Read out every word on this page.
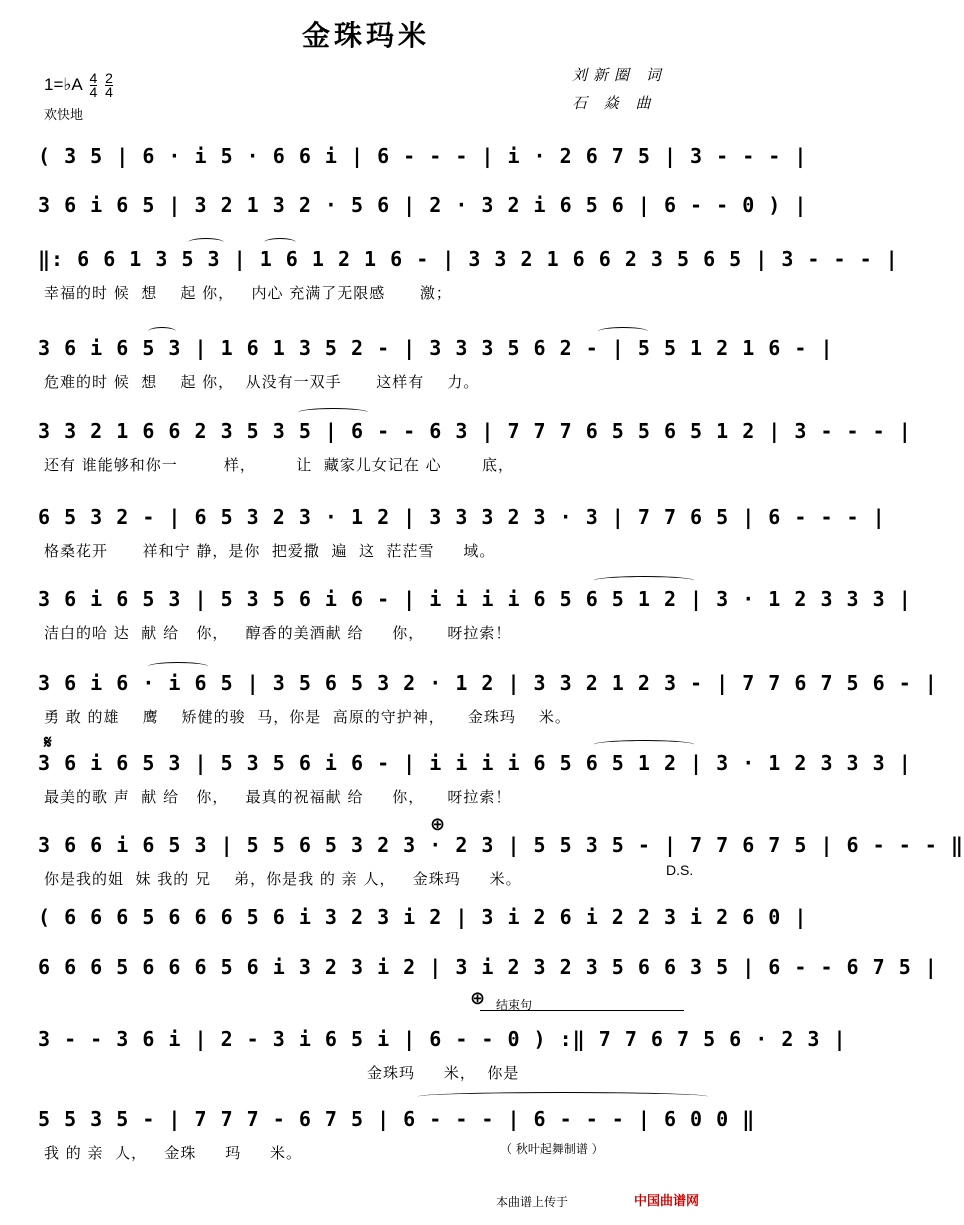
金珠玛米
1=♭A $\frac{4}{4}$
$\frac{2}{4}$
欢快地
刘新圈 词
石 焱 曲
( 3 5 | 6 · i 5 · 6 6 i | 6 - - - | i · 2 6 7 5 | 3 - - - |
3 6 i 6 5 | 3 2 1 3 2 · 5 6 | 2 · 3 2 i 6 5 6 | 6 - - 0 ) |
‖: 6 6 1 3 5 3 | 1 6 1 2 1 6 - | 3 3 2 1 6 6 2 3 5 6 5 | 3 - - - |
幸福的时 候  想    起 你，   内心 充满了无限感      激；
3 6 i 6 5 3 | 1 6 1 3 5 2 - | 3 3 3 5 6 2 - | 5 5 1 2 1 6 - |
危难的时 候  想    起 你，  从没有一双手      这样有    力。
3 3 2 1 6 6 2 3 5 3 5 | 6 - - 6 3 | 7 7 7 6 5 5 6 5 1 2 | 3 - - - |
还有 谁能够和你一        样，       让  藏家儿女记在 心       底，
6 5 3 2 - | 6 5 3 2 3 · 1 2 | 3 3 3 2 3 · 3 | 7 7 6 5 | 6 - - - |
格桑花开      祥和宁 静，是你  把爱撒  遍  这  茫茫雪     域。
3 6 i 6 5 3 | 5 3 5 6 i 6 - | i i i i 6 5 6 5 1 2 | 3 · 1 2 3 3 3 |
洁白的哈 达  献 给   你，   醇香的美酒献 给     你，    呀拉索！
3 6 i 6 · i 6 5 | 3 5 6 5 3 2 · 1 2 | 3 3 2 1 2 3 - | 7 7 6 7 5 6 - |
勇 敢 的雄    鹰    矫健的骏  马，你是  高原的守护神，    金珠玛    米。
𝄋
3 6 i 6 5 3 | 5 3 5 6 i 6 - | i i i i 6 5 6 5 1 2 | 3 · 1 2 3 3 3 |
最美的歌 声  献 给   你，   最真的祝福献 给     你，    呀拉索！
⊕
3 6 6 i 6 5 3 | 5 5 6 5 3 2 3 · 2 3 | 5 5 3 5 - | 7 7 6 7 5 | 6 - - - ‖
你是我的姐  妹 我的 兄    弟，你是我 的 亲 人，   金珠玛     米。	D.S.
( 6 6 6 5 6 6 6 5 6 i 3 2 3 i 2 | 3 i 2 6 i 2 2 3 i 2 6 0 |
6 6 6 5 6 6 6 5 6 i 3 2 3 i 2 | 3 i 2 3 2 3 5 6 6 3 5 | 6 - - 6 7 5 |
⊕ 结束句
3 - - 3 6 i | 2 - 3 i 6 5 i | 6 - - 0 ) :‖ 7 7 6 7 5 6 · 2 3 |
金珠玛     米，  你是
5 5 3 5 - | 7 7 7 - 6 7 5 | 6 - - - | 6 - - - | 6 0 0 ‖
我 的 亲  人，   金珠     玛     米。	（ 秋叶起舞制谱 ）
本曲谱上传于	中国曲谱网
